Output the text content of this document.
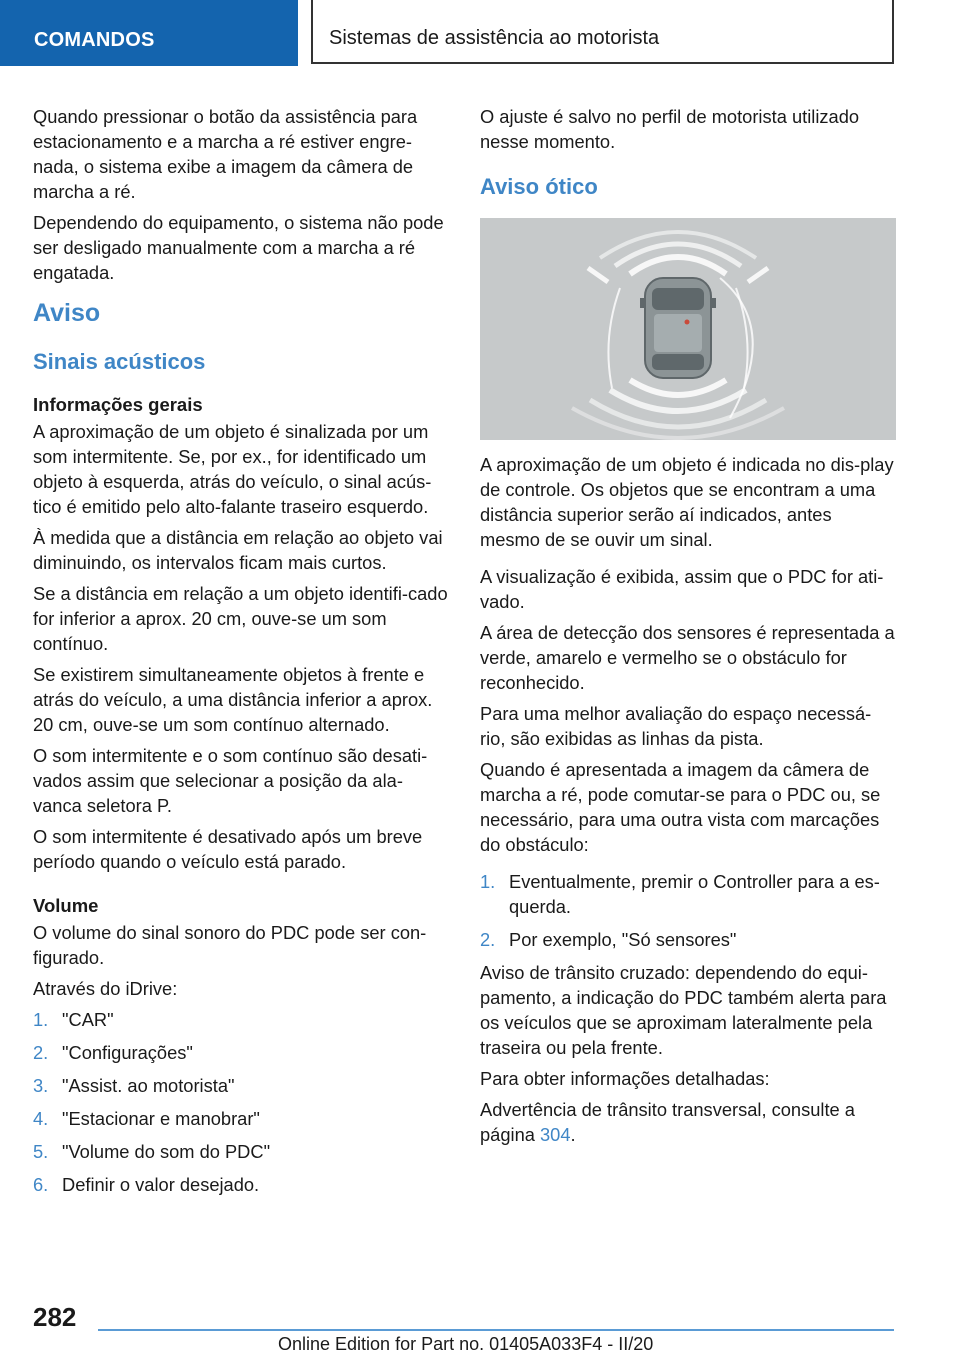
COMANDOS	Sistemas de assistência ao motorista

Quando pressionar o botão da assistência para estacionamento e a marcha a ré estiver engre-nada, o sistema exibe a imagem da câmera de marcha a ré.

Dependendo do equipamento, o sistema não pode ser desligado manualmente com a marcha a ré engatada.

Aviso
Sinais acústicos
Informações gerais

A aproximação de um objeto é sinalizada por um som intermitente. Se, por ex., for identificado um objeto à esquerda, atrás do veículo, o sinal acús-tico é emitido pelo alto-falante traseiro esquerdo.

À medida que a distância em relação ao objeto vai diminuindo, os intervalos ficam mais curtos.

Se a distância em relação a um objeto identifi-cado for inferior a aprox. 20 cm, ouve-se um som contínuo.

Se existirem simultaneamente objetos à frente e atrás do veículo, a uma distância inferior a aprox. 20 cm, ouve-se um som contínuo alternado.

O som intermitente e o som contínuo são desati-vados assim que selecionar a posição da ala-vanca seletora P.

O som intermitente é desativado após um breve período quando o veículo está parado.

Volume

O volume do sinal sonoro do PDC pode ser con-figurado.

Através do iDrive:

1. "CAR"
2. "Configurações"
3. "Assist. ao motorista"
4. "Estacionar e manobrar"
5. "Volume do som do PDC"
6. Definir o valor desejado.

O ajuste é salvo no perfil de motorista utilizado nesse momento.

Aviso ótico

A aproximação de um objeto é indicada no dis-play de controle. Os objetos que se encontram a uma distância superior serão aí indicados, antes mesmo de se ouvir um sinal.

A visualização é exibida, assim que o PDC for ati-vado.

A área de detecção dos sensores é representada a verde, amarelo e vermelho se o obstáculo for reconhecido.

Para uma melhor avaliação do espaço necessá-rio, são exibidas as linhas da pista.

Quando é apresentada a imagem da câmera de marcha a ré, pode comutar-se para o PDC ou, se necessário, para uma outra vista com marcações do obstáculo:

1. Eventualmente, premir o Controller para a es-querda.
2. Por exemplo, "Só sensores"

Aviso de trânsito cruzado: dependendo do equi-pamento, a indicação do PDC também alerta para os veículos que se aproximam lateralmente pela traseira ou pela frente.

Para obter informações detalhadas:

Advertência de trânsito transversal, consulte a página 304.

282
Online Edition for Part no. 01405A033F4 - II/20
